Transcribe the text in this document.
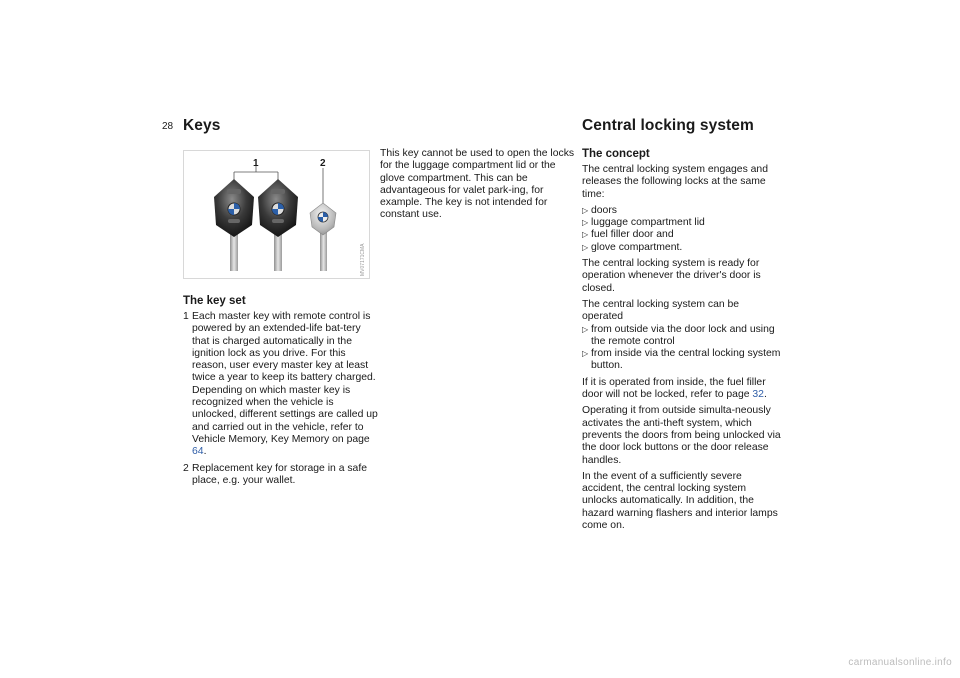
28 Keys	Central locking system
1	2
MV07171CMA
The key set
1 Each master key with remote control is powered by an extended-life bat-tery that is charged automatically in the ignition lock as you drive. For this reason, user every master key at least twice a year to keep its battery charged. Depending on which master key is recognized when the vehicle is unlocked, different settings are called up and carried out in the vehicle, refer to Vehicle Memory, Key Memory on page 64.
2 Replacement key for storage in a safe place, e.g. your wallet.

This key cannot be used to open the locks for the luggage compartment lid or the glove compartment. This can be advantageous for valet park-ing, for example. The key is not intended for constant use.

The concept

The central locking system engages and releases the following locks at the same time:

▷ doors
▷ luggage compartment lid
▷ fuel filler door and
▷ glove compartment.

The central locking system is ready for operation whenever the driver's door is closed.

The central locking system can be operated

▷ from outside via the door lock and using the remote control
▷ from inside via the central locking system button.

If it is operated from inside, the fuel filler door will not be locked, refer to page 32.

Operating it from outside simulta-neously activates the anti-theft system, which prevents the doors from being unlocked via the door lock buttons or the door release handles.

In the event of a sufficiently severe accident, the central locking system unlocks automatically. In addition, the hazard warning flashers and interior lamps come on.

carmanualsonline.info
